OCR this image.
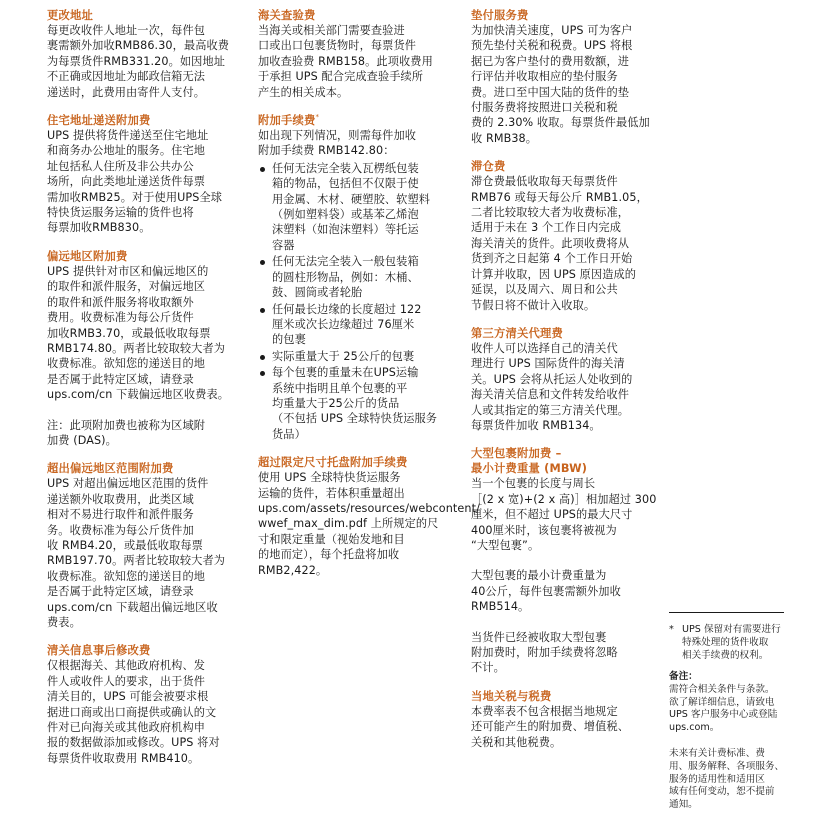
更改地址

每更改收件人地址一次，每件包
裹需额外加收RMB86.30，最高收费
为每票货件RMB331.20。如因地址
不正确或因地址为邮政信箱无法
递送时，此费用由寄件人支付。

住宅地址递送附加费

UPS 提供将货件递送至住宅地址
和商务办公地址的服务。住宅地
址包括私人住所及非公共办公
场所，向此类地址递送货件每票
需加收RMB25。对于使用UPS全球
特快货运服务运输的货件也将
每票加收RMB830。

偏远地区附加费

UPS 提供针对市区和偏远地区的
的取件和派件服务，对偏远地区
的取件和派件服务将收取额外
费用。收费标准为每公斤货件
加收RMB3.70，或最低收取每票
RMB174.80。两者比较取较大者为
收费标准。欲知您的递送目的地
是否属于此特定区域，请登录
ups.com/cn 下载偏远地区收费表。

注：此项附加费也被称为区域附
加费 (DAS)。

超出偏远地区范围附加费

UPS 对超出偏远地区范围的货件
递送额外收取费用，此类区域
相对不易进行取件和派件服务
务。收费标准为每公斤货件加
收 RMB4.20，或最低收取每票
RMB197.70。两者比较取较大者为
收费标准。欲知您的递送目的地
是否属于此特定区域，请登录
ups.com/cn 下载超出偏远地区收
费表。

清关信息事后修改费

仅根据海关、其他政府机构、发
件人或收件人的要求，出于货件
清关目的，UPS 可能会被要求根
据进口商或出口商提供或确认的文
件对已向海关或其他政府机构申
报的数据做添加或修改。UPS 将对
每票货件收取费用 RMB410。

海关查验费

当海关或相关部门需要查验进
口或出口包裹货物时，每票货件
加收查验费 RMB158。此项收费用
于承担 UPS 配合完成查验手续所
产生的相关成本。

附加手续费*

如出现下列情况，则需每件加收
附加手续费 RMB142.80：

任何无法完全装入瓦楞纸包装
箱的物品，包括但不仅限于使
用金属、木材、硬塑胶、软塑料
（例如塑料袋）或基苯乙烯泡
沫塑料（如泡沫塑料）等托运
容器
任何无法完全装入一般包装箱
的圆柱形物品，例如：木桶、
鼓、圆筒或者轮胎
任何最长边缘的长度超过 122
厘米或次长边缘超过 76厘米
的包裹
实际重量大于 25公斤的包裹
每个包裹的重量未在UPS运输
系统中指明且单个包裹的平
均重量大于25公斤的货品
（不包括 UPS 全球特快货运服务
货品）

超过限定尺寸托盘附加手续费

使用 UPS 全球特快货运服务
运输的货件，若体积重量超出
ups.com/assets/resources/webcontent/
wwef_max_dim.pdf 上所规定的尺
寸和限定重量（视始发地和目
的地而定），每个托盘将加收
RMB2,422。

垫付服务费

为加快清关速度，UPS 可为客户
预先垫付关税和税费。UPS 将根
据已为客户垫付的费用数额，进
行评估并收取相应的垫付服务
费。进口至中国大陆的货件的垫
付服务费将按照进口关税和税
费的 2.30% 收取。每票货件最低加
收 RMB38。

滞仓费

滞仓费最低收取每天每票货件
RMB76 或每天每公斤 RMB1.05，
二者比较取较大者为收费标准，
适用于未在 3 个工作日内完成
海关清关的货件。此项收费将从
货到齐之日起第 4 个工作日开始
计算并收取，因 UPS 原因造成的
延误，以及周六、周日和公共
节假日将不做计入收取。

第三方清关代理费

收件人可以选择自己的清关代
理进行 UPS 国际货件的海关清
关。UPS 会将从托运人处收到的
海关清关信息和文件转发给收件
人或其指定的第三方清关代理。
每票货件加收 RMB134。

大型包裹附加费 –
最小计费重量 (MBW)

当一个包裹的长度与周长
［(2 x 宽)+(2 x 高)］相加超过 300
厘米，但不超过 UPS的最大尺寸
400厘米时，该包裹将被视为
“大型包裹”。

大型包裹的最小计费重量为
40公斤，每件包裹需额外加收
RMB514。

当货件已经被收取大型包裹
附加费时，附加手续费将忽略
不计。

当地关税与税费

本费率表不包含根据当地规定
还可能产生的附加费、增值税、
关税和其他税费。

* UPS 保留对有需要进行
特殊处理的货件收取
相关手续费的权利。
备注：
需符合相关条件与条款。
欲了解详细信息，请致电
UPS 客户服务中心或登陆
ups.com。
未来有关计费标准、费
用、服务解释、各项服务、
服务的适用性和适用区
域有任何变动，恕不提前
通知。
